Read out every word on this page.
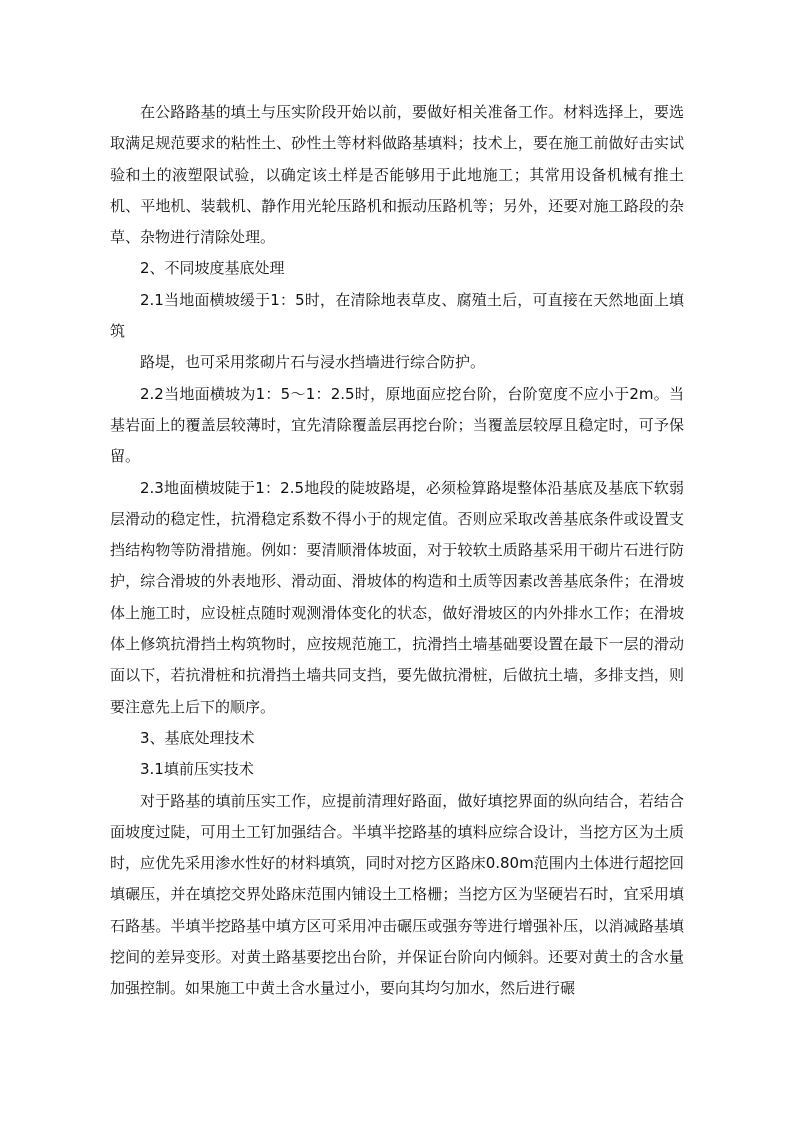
在公路路基的填土与压实阶段开始以前，要做好相关准备工作。材料选择上，要选取满足规范要求的粘性土、砂性土等材料做路基填料；技术上，要在施工前做好击实试验和土的液塑限试验，以确定该土样是否能够用于此地施工；其常用设备机械有推土机、平地机、装载机、静作用光轮压路机和振动压路机等；另外，还要对施工路段的杂草、杂物进行清除处理。

2、不同坡度基底处理

2.1当地面横坡缓于1：5时，在清除地表草皮、腐殖土后，可直接在天然地面上填筑

路堤，也可采用浆砌片石与浸水挡墙进行综合防护。

2.2当地面横坡为1：5～1：2.5时，原地面应挖台阶，台阶宽度不应小于2m。当基岩面上的覆盖层较薄时，宜先清除覆盖层再挖台阶；当覆盖层较厚且稳定时，可予保留。

2.3地面横坡陡于1：2.5地段的陡坡路堤，必须检算路堤整体沿基底及基底下软弱层滑动的稳定性，抗滑稳定系数不得小于的规定值。否则应采取改善基底条件或设置支挡结构物等防滑措施。例如：要清顺滑体坡面，对于较软土质路基采用干砌片石进行防护，综合滑坡的外表地形、滑动面、滑坡体的构造和土质等因素改善基底条件；在滑坡体上施工时，应设桩点随时观测滑体变化的状态，做好滑坡区的内外排水工作；在滑坡体上修筑抗滑挡土构筑物时，应按规范施工，抗滑挡土墙基础要设置在最下一层的滑动面以下，若抗滑桩和抗滑挡土墙共同支挡，要先做抗滑桩，后做抗土墙，多排支挡，则要注意先上后下的顺序。

3、基底处理技术

3.1填前压实技术

对于路基的填前压实工作，应提前清理好路面，做好填挖界面的纵向结合，若结合面坡度过陡，可用土工钉加强结合。半填半挖路基的填料应综合设计，当挖方区为土质时，应优先采用渗水性好的材料填筑，同时对挖方区路床0.80m范围内土体进行超挖回填碾压，并在填挖交界处路床范围内铺设土工格栅；当挖方区为坚硬岩石时，宜采用填石路基。半填半挖路基中填方区可采用冲击碾压或强夯等进行增强补压，以消减路基填挖间的差异变形。对黄土路基要挖出台阶，并保证台阶向内倾斜。还要对黄土的含水量加强控制。如果施工中黄土含水量过小，要向其均匀加水，然后进行碾
